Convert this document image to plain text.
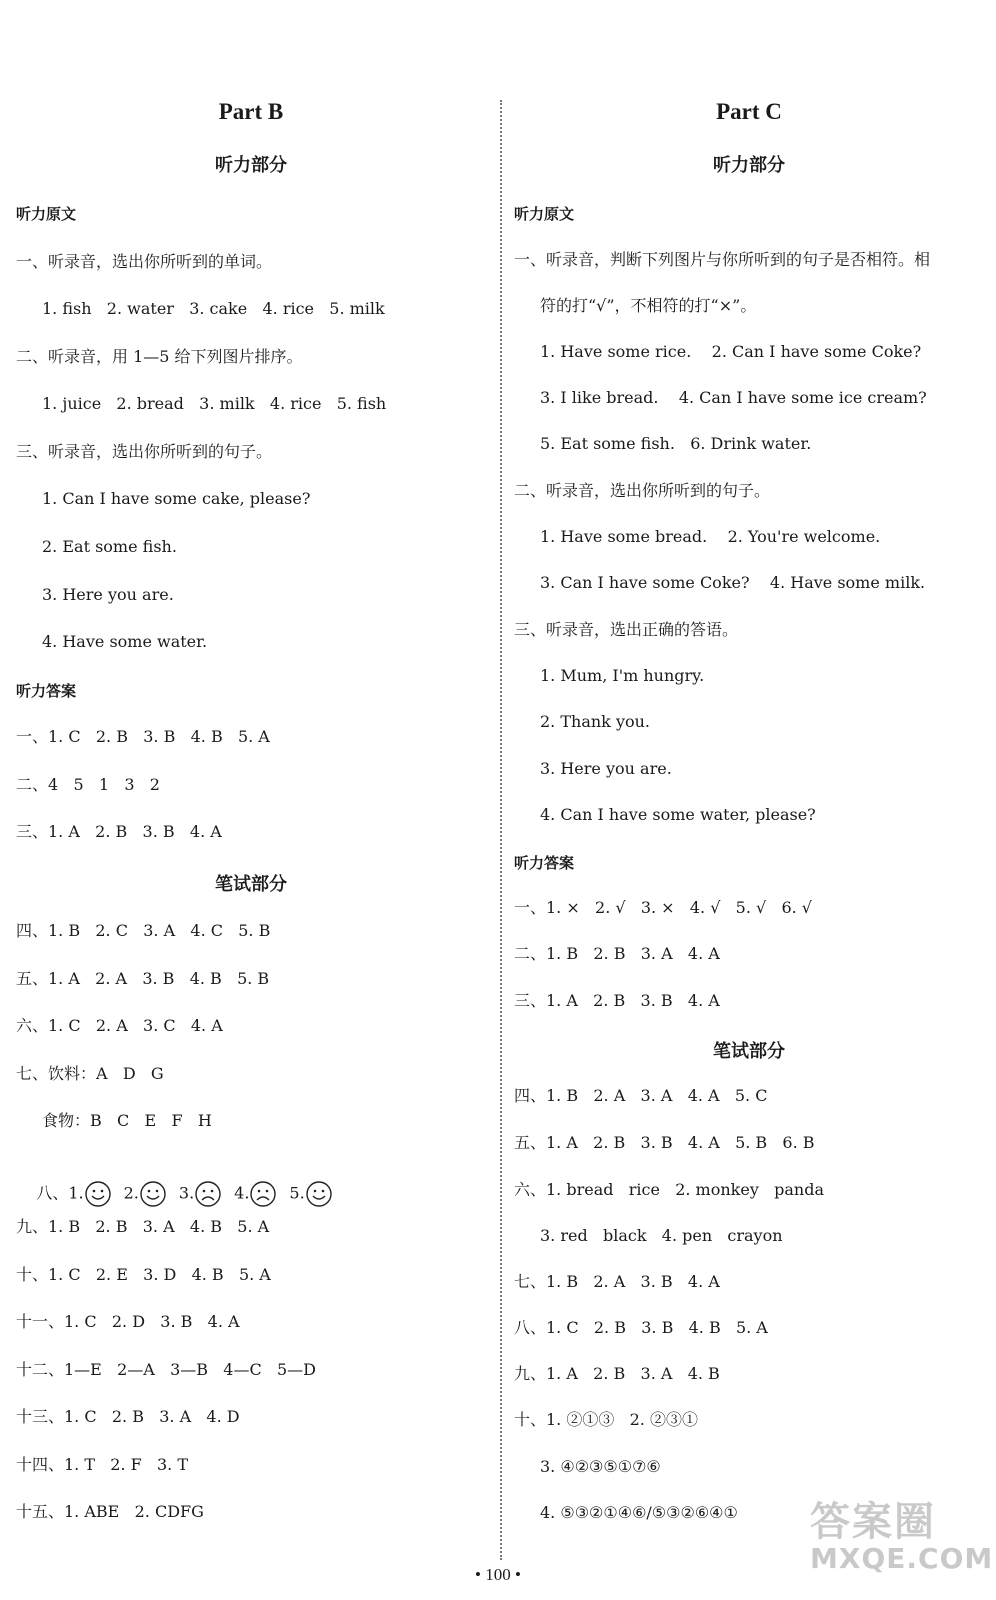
Part B
听力部分
听力原文
一、听录音，选出你所听到的单词。
1. fish   2. water   3. cake   4. rice   5. milk
二、听录音，用 1—5 给下列图片排序。
1. juice   2. bread   3. milk   4. rice   5. fish
三、听录音，选出你所听到的句子。
1. Can I have some cake, please?
2. Eat some fish.
3. Here you are.
4. Have some water.
听力答案
一、1. C   2. B   3. B   4. B   5. A
二、4   5   1   3   2
三、1. A   2. B   3. B   4. A
笔试部分
四、1. B   2. C   3. A   4. C   5. B
五、1. A   2. A   3. B   4. B   5. B
六、1. C   2. A   3. C   4. A
七、饮料：A   D   G
食物：B   C   E   F   H

八、1.	2.	3.	4.	5.

九、1. B   2. B   3. A   4. B   5. A
十、1. C   2. E   3. D   4. B   5. A
十一、1. C   2. D   3. B   4. A
十二、1—E   2—A   3—B   4—C   5—D
十三、1. C   2. B   3. A   4. D
十四、1. T   2. F   3. T
十五、1. ABE   2. CDFG
Part C
听力部分
听力原文
一、听录音，判断下列图片与你所听到的句子是否相符。相
符的打“√”，不相符的打“×”。
1. Have some rice.    2. Can I have some Coke?
3. I like bread.    4. Can I have some ice cream?
5. Eat some fish.   6. Drink water.
二、听录音，选出你所听到的句子。
1. Have some bread.    2. You're welcome.
3. Can I have some Coke?    4. Have some milk.
三、听录音，选出正确的答语。
1. Mum, I'm hungry.
2. Thank you.
3. Here you are.
4. Can I have some water, please?
听力答案
一、1. ×   2. √   3. ×   4. √   5. √   6. √
二、1. B   2. B   3. A   4. A
三、1. A   2. B   3. B   4. A
笔试部分
四、1. B   2. A   3. A   4. A   5. C
五、1. A   2. B   3. B   4. A   5. B   6. B
六、1. bread   rice   2. monkey   panda
3. red   black   4. pen   crayon
七、1. B   2. A   3. B   4. A
八、1. C   2. B   3. B   4. B   5. A
九、1. A   2. B   3. A   4. B
十、1. ②①③   2. ②③①
3. ④②③⑤①⑦⑥
4. ⑤③②①④⑥/⑤③②⑥④①
• 100 •
答案圈
MXQE.COM
